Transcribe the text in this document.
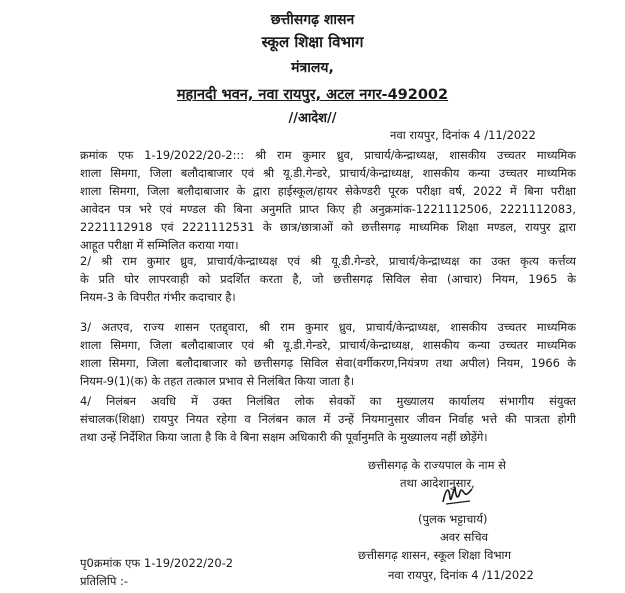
छत्तीसगढ़ शासन
स्कूल शिक्षा विभाग
मंत्रालय,
महानदी भवन, नवा रायपुर, अटल नगर-492002
//आदेश//
नवा रायपुर, दिनांक 4 /11/2022
क्रमांक एफ 1-19/2022/20-2::: श्री राम कुमार ध्रुव, प्राचार्य/केन्द्राध्यक्ष, शासकीय उच्चतर माध्यमिक
शाला सिमगा, जिला बलौदाबाजार एवं श्री यू.डी.गेन्डरे, प्राचार्य/केन्द्राध्यक्ष, शासकीय कन्या उच्चतर माध्यमिक
शाला सिमगा, जिला बलौदाबाजार के द्वारा हाईस्कूल/हायर सेकेण्डरी पूरक परीक्षा वर्ष, 2022 में बिना परीक्षा
आवेदन पत्र भरे एवं मण्डल की बिना अनुमति प्राप्त किए ही अनुक्रमांक-1221112506, 2221112083,
2221112918 एवं 2221112531 के छात्र/छात्राओं को छत्तीसगढ़ माध्यमिक शिक्षा मण्डल, रायपुर द्वारा
आहूत परीक्षा में सम्मिलित कराया गया।
2/ श्री राम कुमार ध्रुव, प्राचार्य/केन्द्राध्यक्ष एवं श्री यू.डी.गेन्डरे, प्राचार्य/केन्द्राध्यक्ष का उक्त कृत्य कर्त्तव्य
के प्रति घोर लापरवाही को प्रदर्शित करता है, जो छत्तीसगढ़ सिविल सेवा (आचार) नियम, 1965 के
नियम-3 के विपरीत गंभीर कदाचार है।
3/ अतएव, राज्य शासन एतद्द्वारा, श्री राम कुमार ध्रुव, प्राचार्य/केन्द्राध्यक्ष, शासकीय उच्चतर माध्यमिक
शाला सिमगा, जिला बलौदाबाजार एवं श्री यू.डी.गेन्डरे, प्राचार्य/केन्द्राध्यक्ष, शासकीय कन्या उच्चतर माध्यमिक
शाला सिमगा, जिला बलौदाबाजार को छत्तीसगढ़ सिविल सेवा(वर्गीकरण,नियंत्रण तथा अपील) नियम, 1966 के
नियम-9(1)(क) के तहत तत्काल प्रभाव से निलंबित किया जाता है।
4/ निलंबन अवधि में उक्त निलंबित लोक सेवकों का मुख्यालय कार्यालय संभागीय संयुक्त
संचालक(शिक्षा) रायपुर नियत रहेगा व निलंबन काल में उन्हें नियमानुसार जीवन निर्वाह भत्ते की पात्रता होगी
तथा उन्हें निर्देशित किया जाता है कि वे बिना सक्षम अधिकारी की पूर्वानुमति के मुख्यालय नहीं छोड़ेंगे।
छत्तीसगढ़ के राज्यपाल के नाम से
तथा आदेशानुसार,
(पुलक भट्टाचार्य)
अवर सचिव
छत्तीसगढ़ शासन, स्कूल शिक्षा विभाग
नवा रायपुर, दिनांक 4 /11/2022
पृ0क्रमांक एफ 1-19/2022/20-2
प्रतिलिपि :-
